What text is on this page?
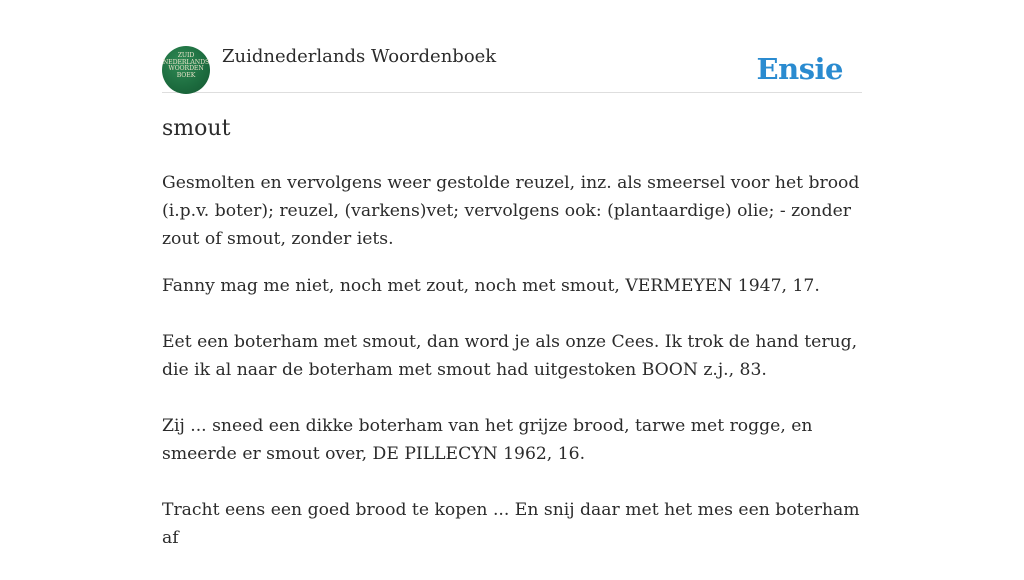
ZUID
NEDERLANDS
WOORDEN
BOEK
Zuidnederlands Woordenboek	Ensie
smout

Gesmolten en vervolgens weer gestolde reuzel, inz. als smeersel voor het brood (i.p.v. boter); reuzel, (varkens)vet; vervolgens ook: (plantaardige) olie; - zonder zout of smout, zonder iets.

Fanny mag me niet, noch met zout, noch met smout, VERMEYEN 1947, 17.

Eet een boterham met smout, dan word je als onze Cees. Ik trok de hand terug, die ik al naar de boterham met smout had uitgestoken BOON z.j., 83.

Zij ... sneed een dikke boterham van het grijze brood, tarwe met rogge, en smeerde er smout over, DE PILLECYN 1962, 16.

Tracht eens een goed brood te kopen ... En snij daar met het mes een boterham af
